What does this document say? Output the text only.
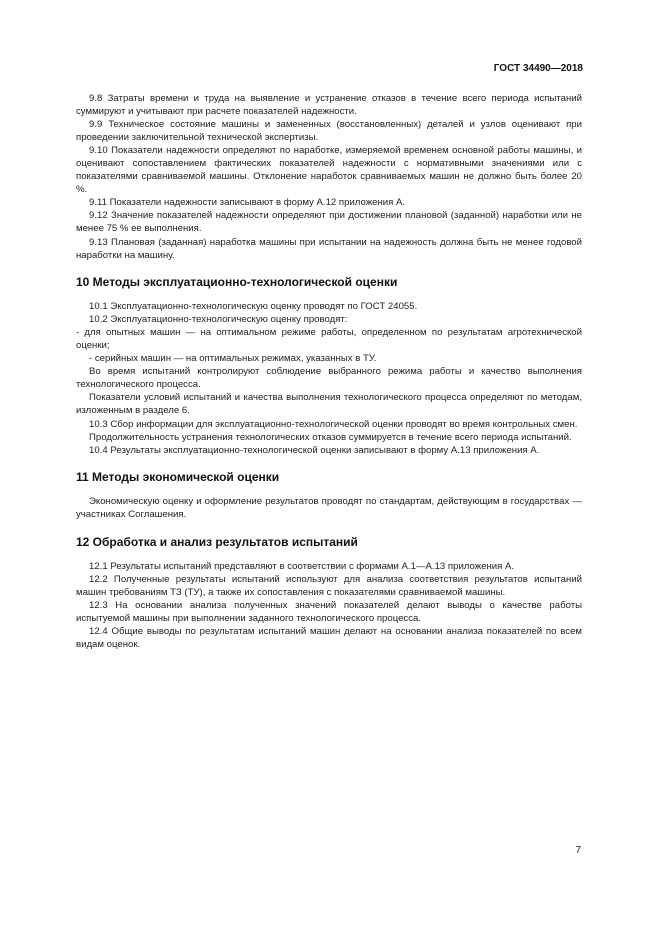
ГОСТ 34490—2018

9.8 Затраты времени и труда на выявление и устранение отказов в течение всего периода испытаний суммируют и учитывают при расчете показателей надежности.

9.9 Техническое состояние машины и замененных (восстановленных) деталей и узлов оценивают при проведении заключительной технической экспертизы.

9.10 Показатели надежности определяют по наработке, измеряемой временем основной работы машины, и оценивают сопоставлением фактических показателей надежности с нормативными значениями или с показателями сравниваемой машины. Отклонение наработок сравниваемых машин не должно быть более 20 %.

9.11 Показатели надежности записывают в форму А.12 приложения А.

9.12 Значение показателей надежности определяют при достижении плановой (заданной) наработки или не менее 75 % ее выполнения.

9.13 Плановая (заданная) наработка машины при испытании на надежность должна быть не менее годовой наработки на машину.

10 Методы эксплуатационно-технологической оценки

10.1 Эксплуатационно-технологическую оценку проводят по ГОСТ 24055.

10.2 Эксплуатационно-технологическую оценку проводят:

- для опытных машин — на оптимальном режиме работы, определенном по результатам агротехнической оценки;

- серийных машин — на оптимальных режимах, указанных в ТУ.

Во время испытаний контролируют соблюдение выбранного режима работы и качество выполнения технологического процесса.

Показатели условий испытаний и качества выполнения технологического процесса определяют по методам, изложенным в разделе 6.

10.3 Сбор информации для эксплуатационно-технологической оценки проводят во время контрольных смен.

Продолжительность устранения технологических отказов суммируется в течение всего периода испытаний.

10.4 Результаты эксплуатационно-технологической оценки записывают в форму А.13 приложения А.

11 Методы экономической оценки

Экономическую оценку и оформление результатов проводят по стандартам, действующим в государствах — участниках Соглашения.

12 Обработка и анализ результатов испытаний

12.1 Результаты испытаний представляют в соответствии с формами А.1—А.13 приложения А.

12.2 Полученные результаты испытаний используют для анализа соответствия результатов испытаний машин требованиям ТЗ (ТУ), а также их сопоставления с показателями сравниваемой машины.

12.3 На основании анализа полученных значений показателей делают выводы о качестве работы испытуемой машины при выполнении заданного технологического процесса.

12.4 Общие выводы по результатам испытаний машин делают на основании анализа показателей по всем видам оценок.

7
